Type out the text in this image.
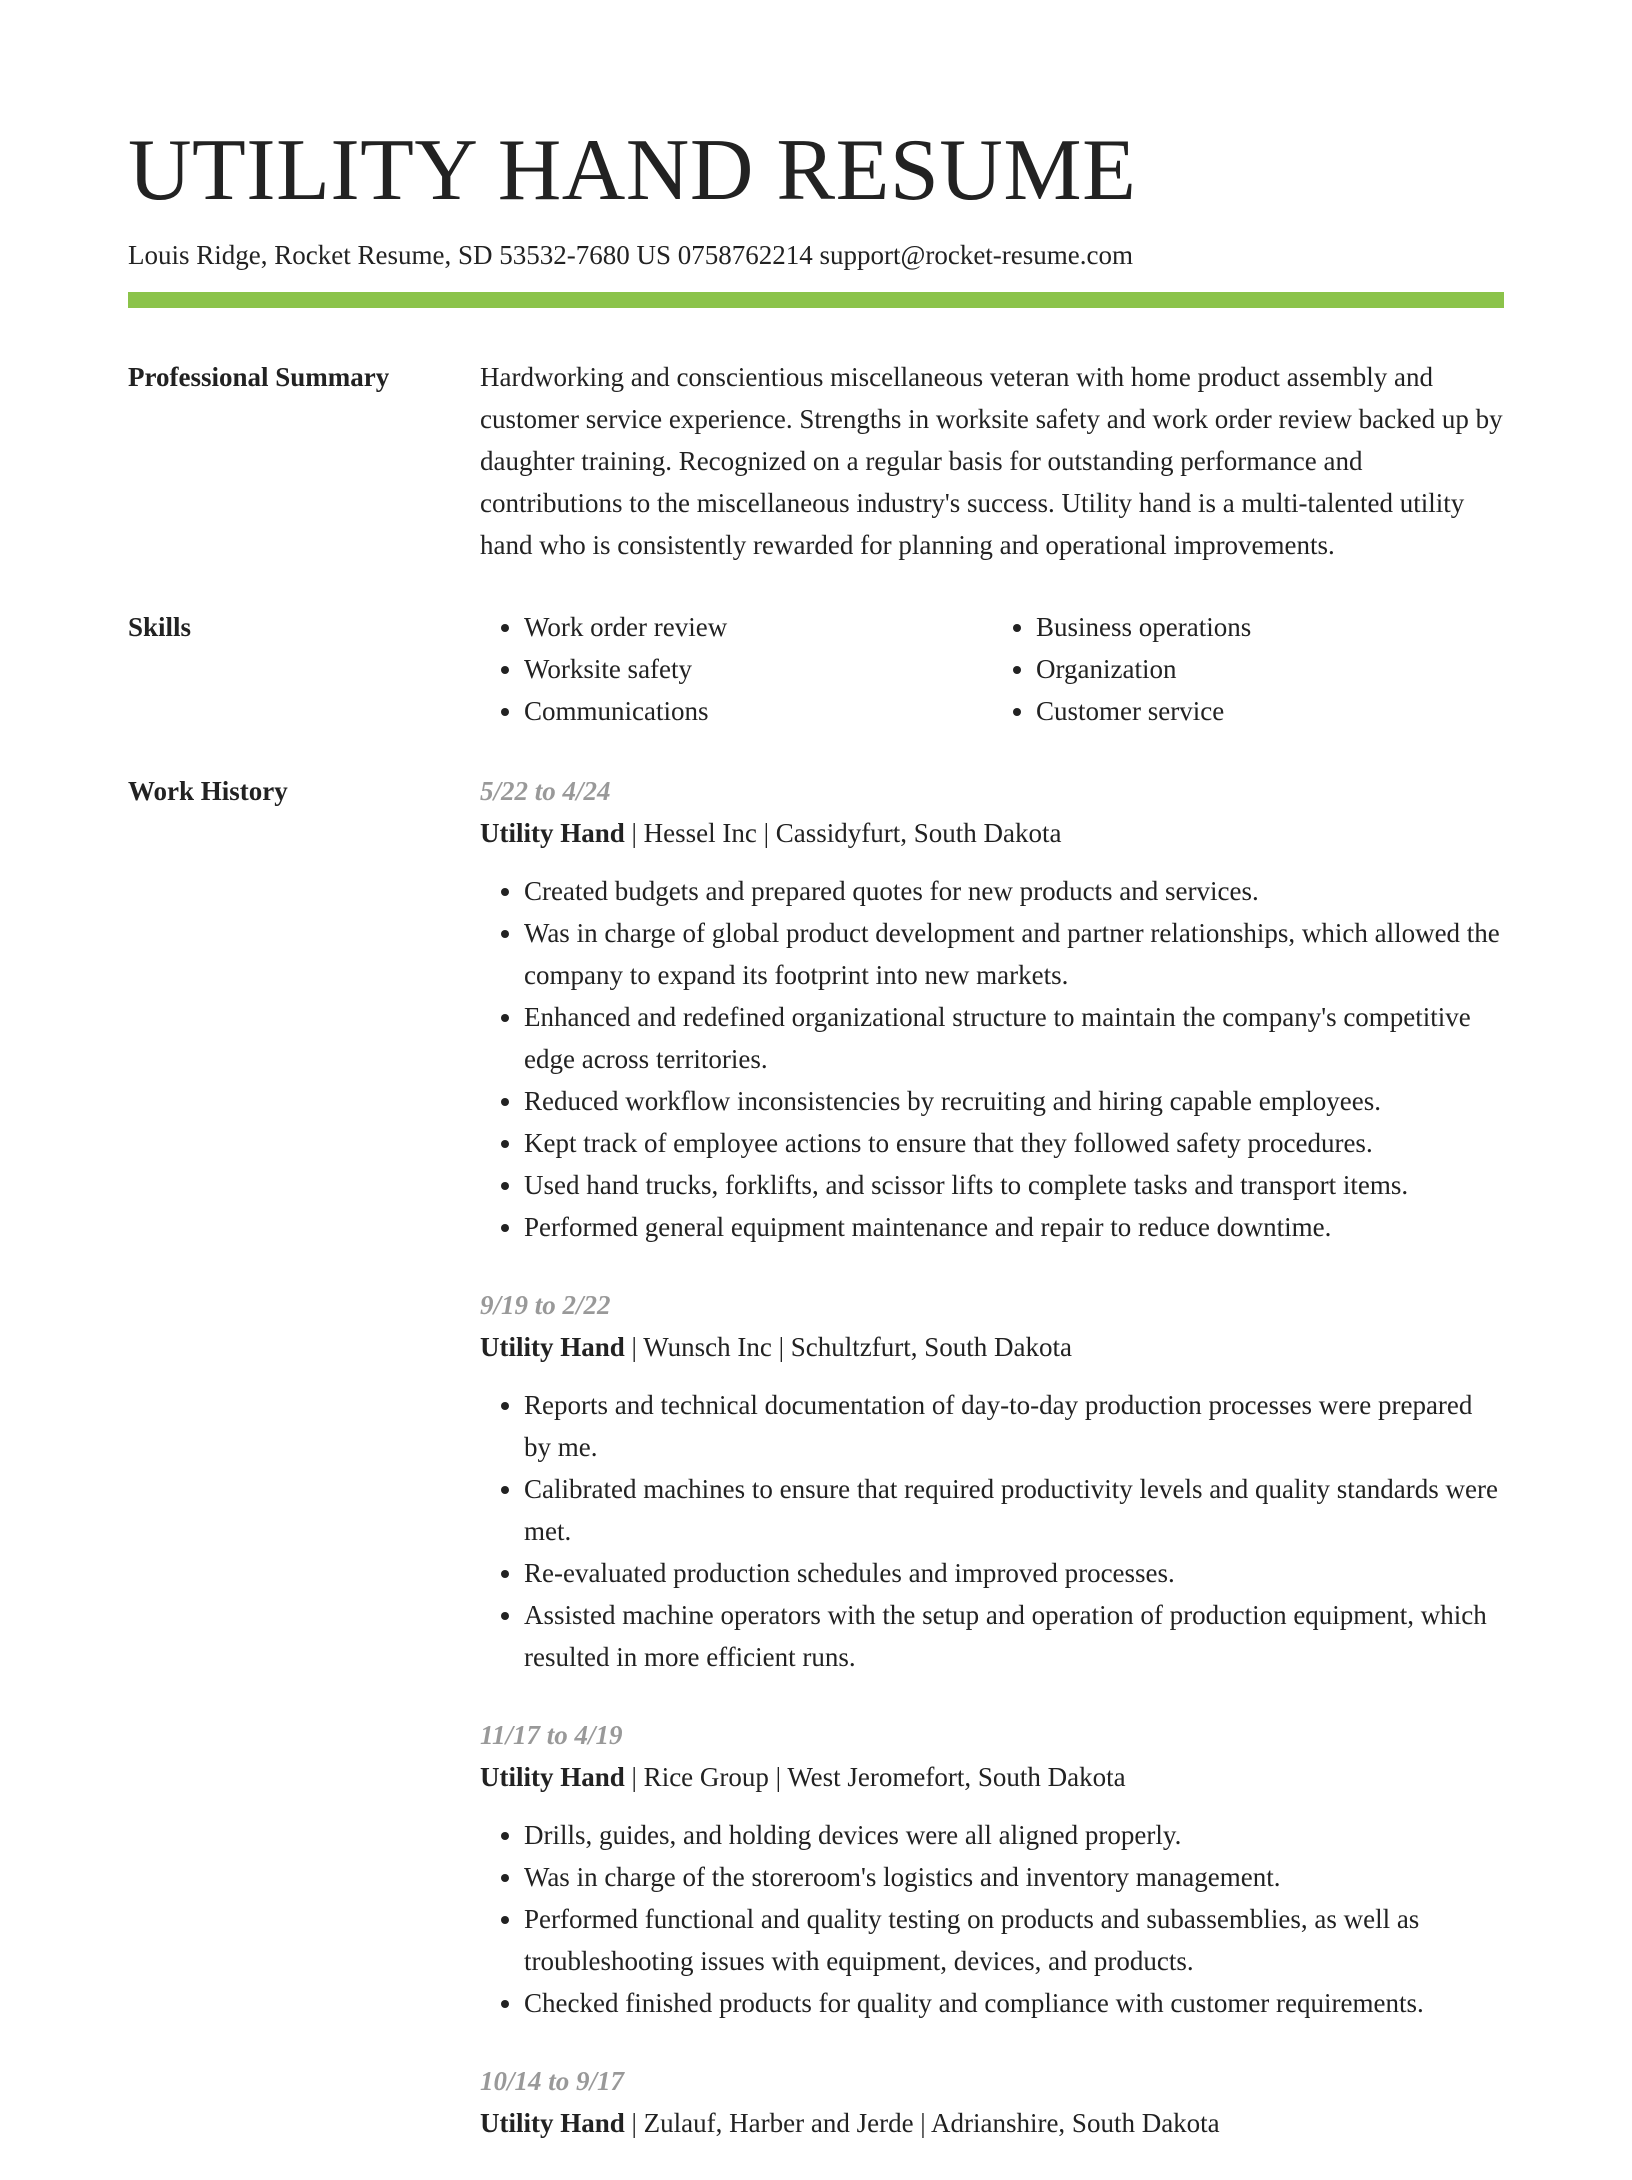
UTILITY HAND RESUME
Louis Ridge, Rocket Resume, SD 53532-7680 US 0758762214 support@rocket-resume.com
Professional Summary	Hardworking and conscientious miscellaneous veteran with home product assembly and customer service experience. Strengths in worksite safety and work order review backed up by daughter training. Recognized on a regular basis for outstanding performance and contributions to the miscellaneous industry's success. Utility hand is a multi-talented utility hand who is consistently rewarded for planning and operational improvements.

Skills
•	Work order review
• Worksite safety
• Communications
• Business operations
• Organization
• Customer service
Work History	5/22 to 4/24
Utility Hand | Hessel Inc | Cassidyfurt, South Dakota
• Created budgets and prepared quotes for new products and services.
• Was in charge of global product development and partner relationships, which allowed the company to expand its footprint into new markets.
• Enhanced and redefined organizational structure to maintain the company's competitive edge across territories.
• Reduced workflow inconsistencies by recruiting and hiring capable employees.
• Kept track of employee actions to ensure that they followed safety procedures.
• Used hand trucks, forklifts, and scissor lifts to complete tasks and transport items.
• Performed general equipment maintenance and repair to reduce downtime.
9/19 to 2/22
Utility Hand | Wunsch Inc | Schultzfurt, South Dakota
• Reports and technical documentation of day-to-day production processes were prepared by me.
• Calibrated machines to ensure that required productivity levels and quality standards were met.
• Re-evaluated production schedules and improved processes.
• Assisted machine operators with the setup and operation of production equipment, which resulted in more efficient runs.
11/17 to 4/19
Utility Hand | Rice Group | West Jeromefort, South Dakota
• Drills, guides, and holding devices were all aligned properly.
• Was in charge of the storeroom's logistics and inventory management.
• Performed functional and quality testing on products and subassemblies, as well as troubleshooting issues with equipment, devices, and products.
• Checked finished products for quality and compliance with customer requirements.
10/14 to 9/17
Utility Hand | Zulauf, Harber and Jerde | Adrianshire, South Dakota
